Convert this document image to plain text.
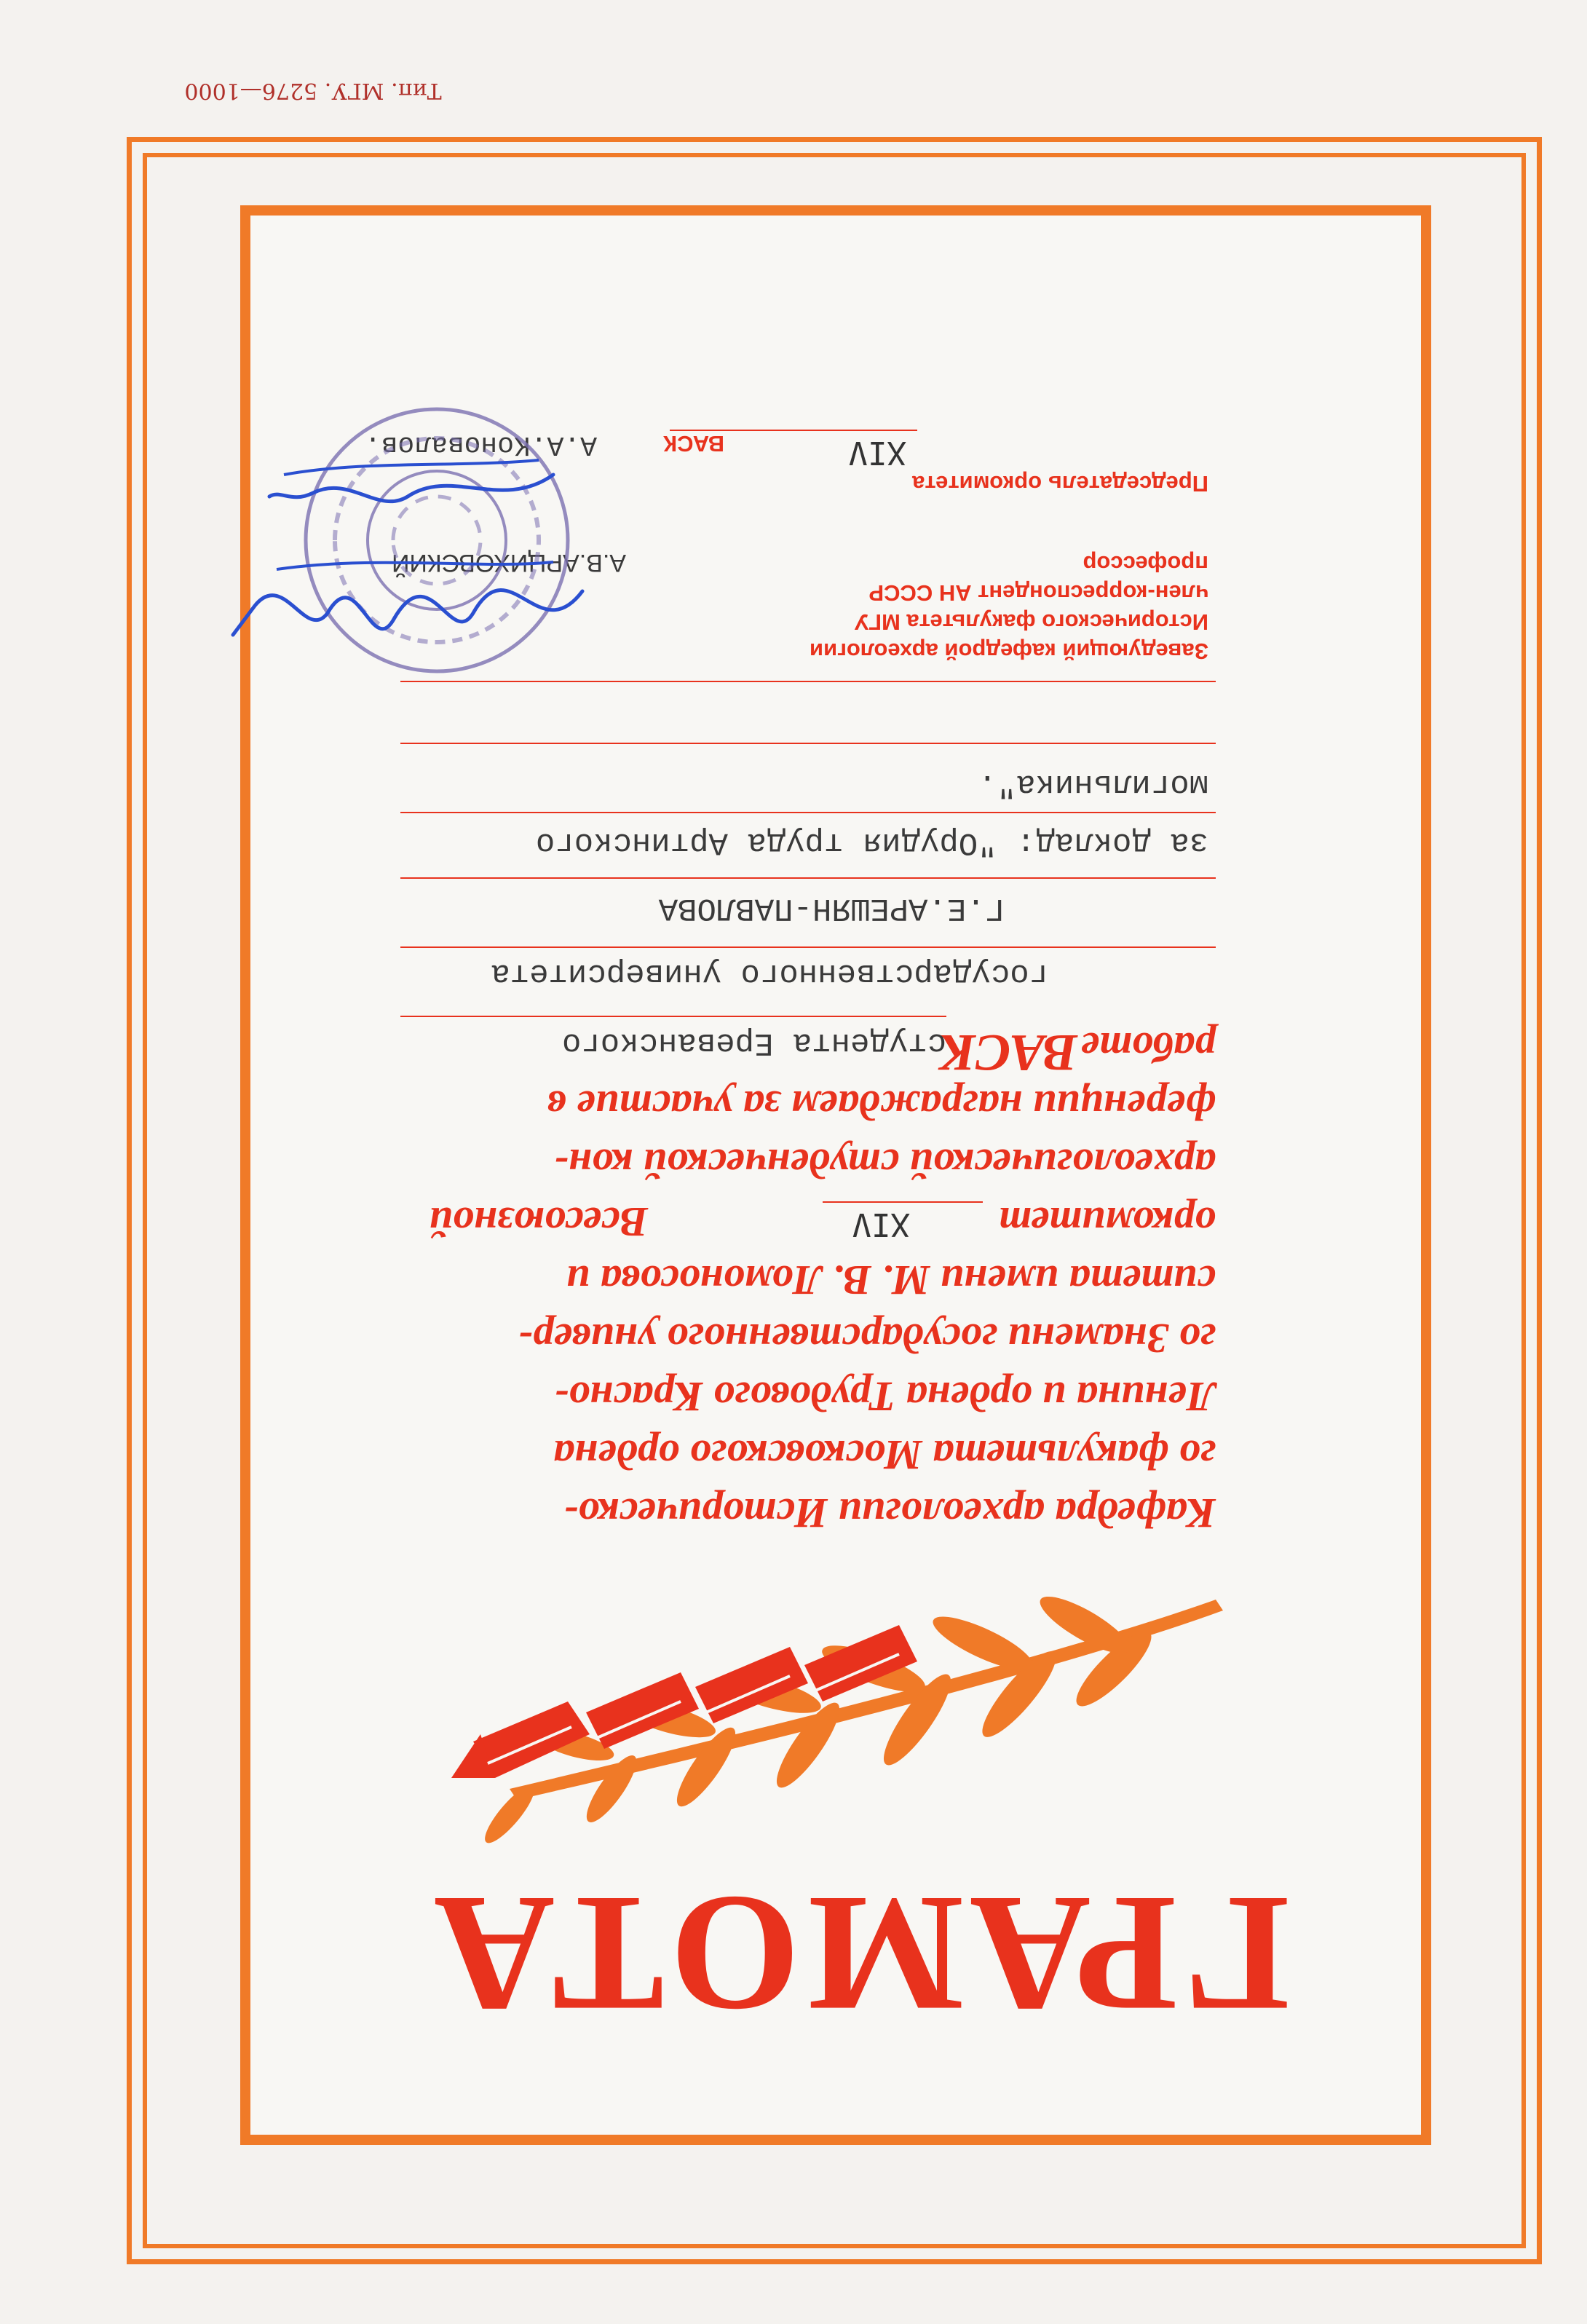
Тип. МГУ. 5276—1000
ГРАМОТА
Кафедра археологии Историческо-
го факультета Московского ордена
Ленина и ордена Трудового Красно-
го Знамени государственного универ-
ситета имени М. В. Ломоносова и
оркомитет
XIV
Всесоюзной
археологической студенческой кон-
ференции награждаем за участие в
работе
ВАСК
студента Ереванского
государственного университета
Г.Е.АРЕШЯН-ПАВЛОВА
за доклад: "Орудия труда Артинского
могильника".
Заведующий кафедрой археологии
Исторического факультета МГУ
член-корреспондент АН СССР
профессор
А.В.АРЦИХОВСКИЙ
Председатель оркомитета
XIV
ВАСК
А.А.Коновалов.
